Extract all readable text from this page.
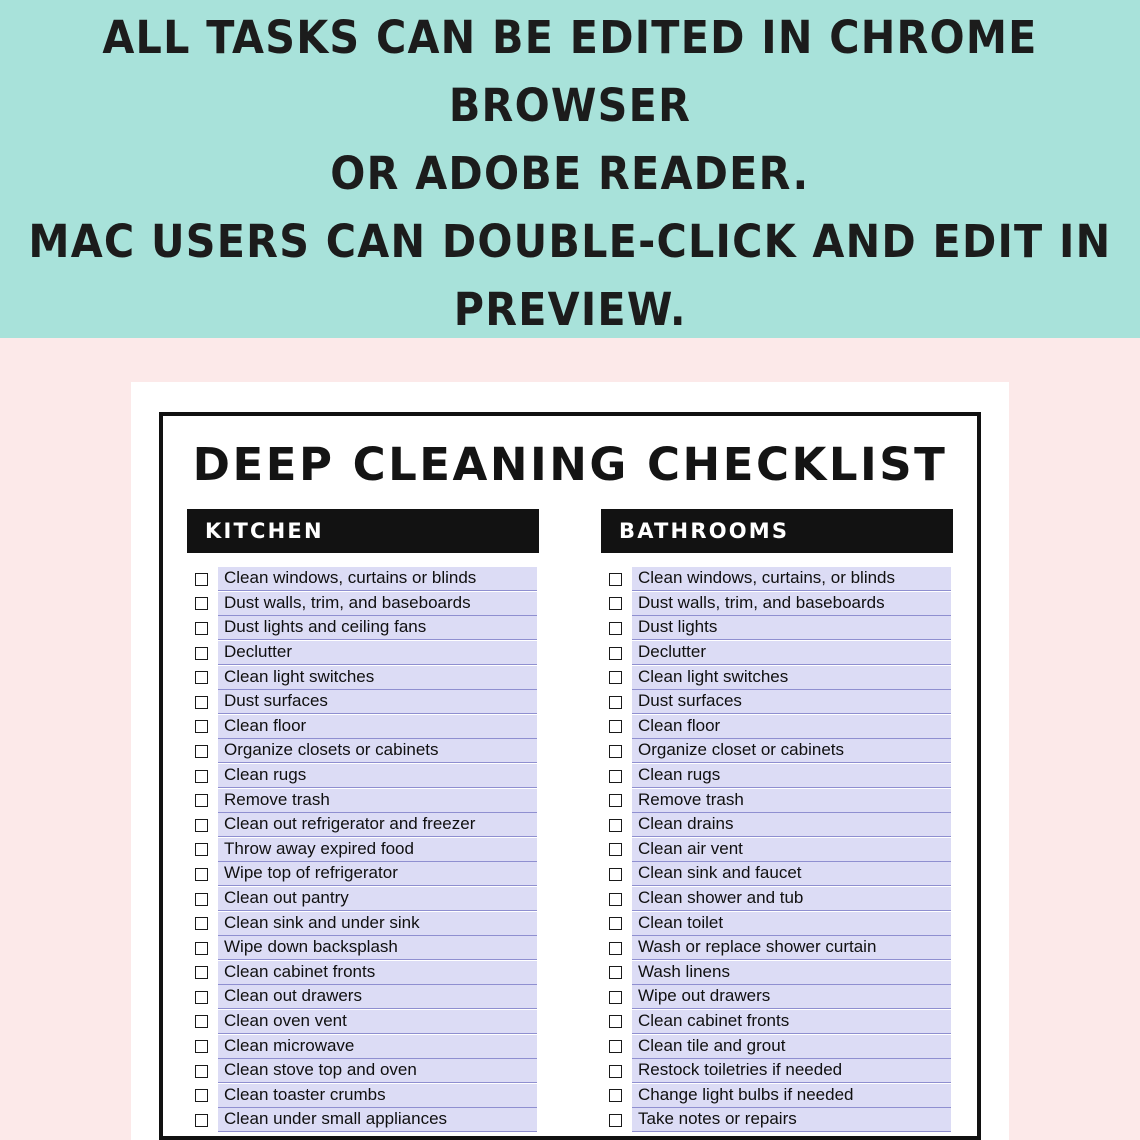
ALL TASKS CAN BE EDITED IN CHROME BROWSER
OR ADOBE READER.
MAC USERS CAN DOUBLE-CLICK AND EDIT IN
PREVIEW.
DEEP CLEANING CHECKLIST
KITCHEN
Clean windows, curtains or blinds
Dust walls, trim, and baseboards
Dust lights and ceiling fans
Declutter
Clean light switches
Dust surfaces
Clean floor
Organize closets or cabinets
Clean rugs
Remove trash
Clean out refrigerator and freezer
Throw away expired food
Wipe top of refrigerator
Clean out pantry
Clean sink and under sink
Wipe down backsplash
Clean cabinet fronts
Clean out drawers
Clean oven vent
Clean microwave
Clean stove top and oven
Clean toaster crumbs
Clean under small appliances
BATHROOMS
Clean windows, curtains, or blinds
Dust walls, trim, and baseboards
Dust lights
Declutter
Clean light switches
Dust surfaces
Clean floor
Organize closet or cabinets
Clean rugs
Remove trash
Clean drains
Clean air vent
Clean sink and faucet
Clean shower and tub
Clean toilet
Wash or replace shower curtain
Wash linens
Wipe out drawers
Clean cabinet fronts
Clean tile and grout
Restock toiletries if needed
Change light bulbs if needed
Take notes or repairs
